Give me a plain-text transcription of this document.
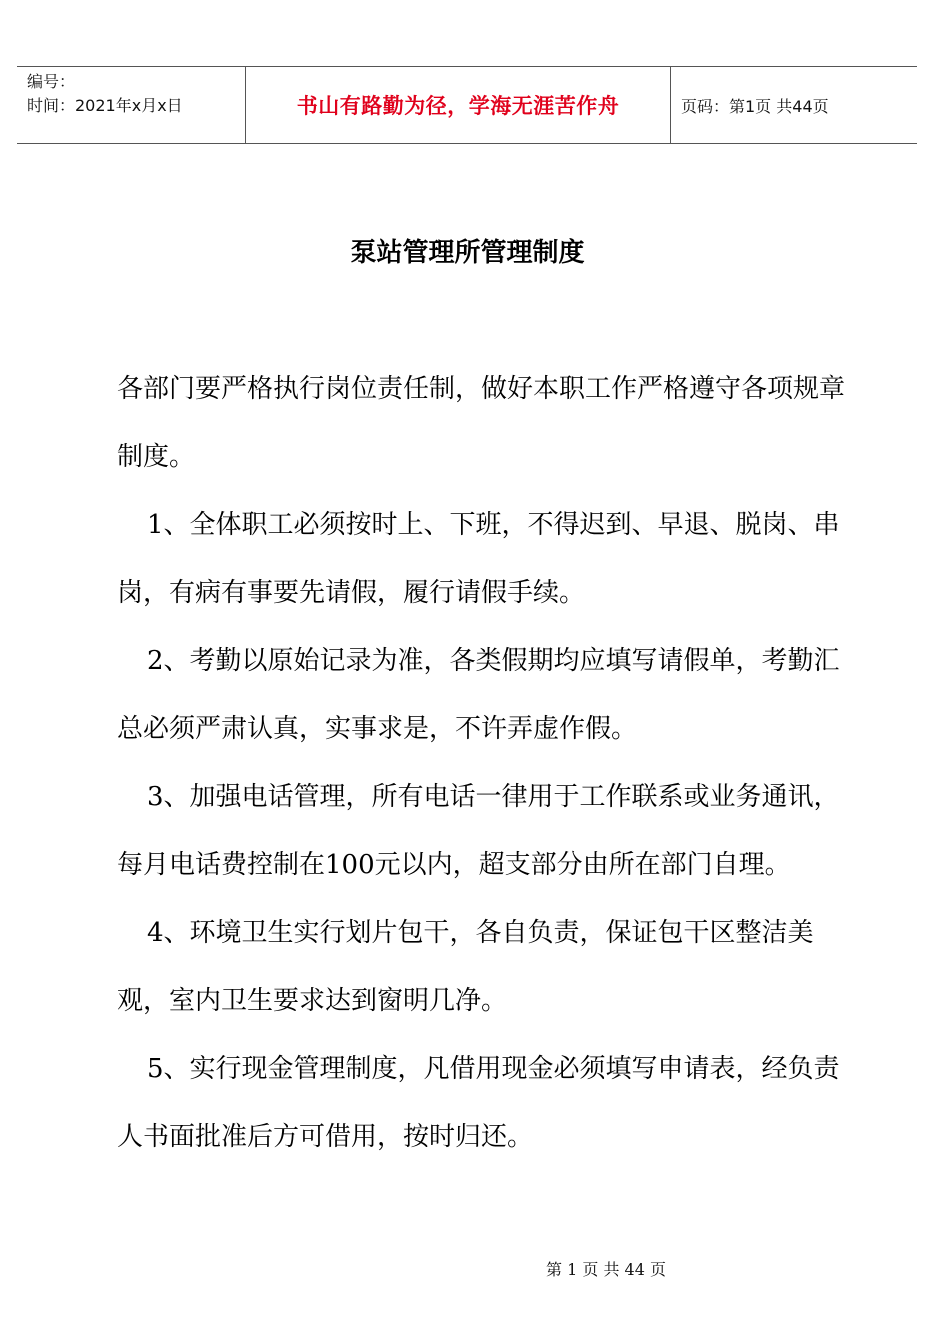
编号：
时间：2021年x月x日	书山有路勤为径，学海无涯苦作舟	页码：第1页 共44页
泵站管理所管理制度

各部门要严格执行岗位责任制，做好本职工作严格遵守各项规章制度。

1、全体职工必须按时上、下班，不得迟到、早退、脱岗、串岗，有病有事要先请假，履行请假手续。

2、考勤以原始记录为准，各类假期均应填写请假单，考勤汇总必须严肃认真，实事求是，不许弄虚作假。

3、加强电话管理，所有电话一律用于工作联系或业务通讯，每月电话费控制在100元以内，超支部分由所在部门自理。

4、环境卫生实行划片包干，各自负责，保证包干区整洁美观，室内卫生要求达到窗明几净。

5、实行现金管理制度，凡借用现金必须填写申请表，经负责人书面批准后方可借用，按时归还。

第 1 页 共 44 页
